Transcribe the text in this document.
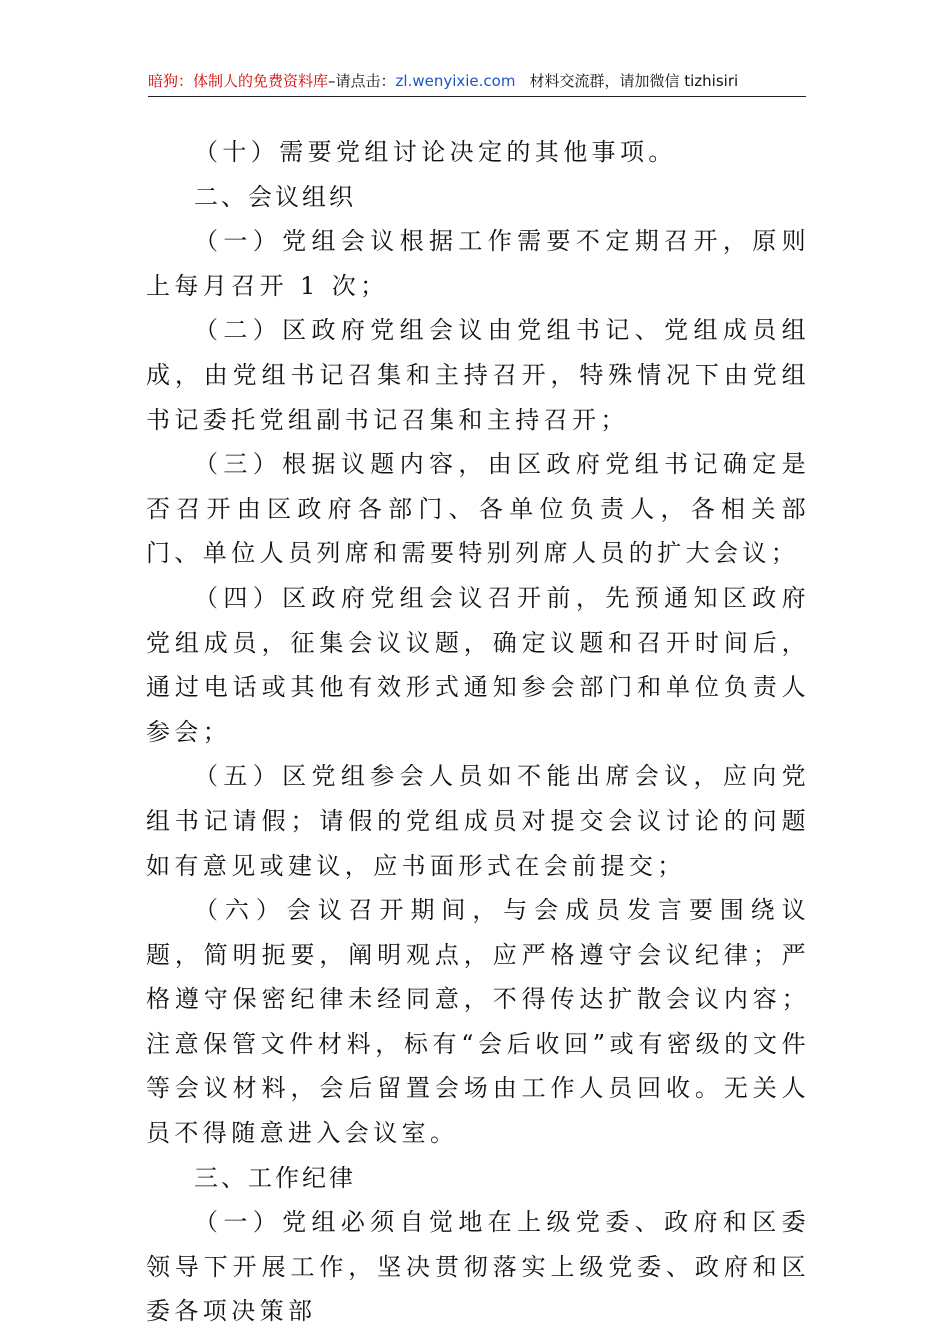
暗狗：体制人的免费资料库–请点击：zl.wenyixie.com 材料交流群，请加微信 tizhisiri

（十）需要党组讨论决定的其他事项。

二、会议组织

（一）党组会议根据工作需要不定期召开，原则上每月召开 1 次；

（二）区政府党组会议由党组书记、党组成员组成，由党组书记召集和主持召开，特殊情况下由党组书记委托党组副书记召集和主持召开；

（三）根据议题内容，由区政府党组书记确定是否召开由区政府各部门、各单位负责人，各相关部门、单位人员列席和需要特别列席人员的扩大会议；

（四）区政府党组会议召开前，先预通知区政府党组成员，征集会议议题，确定议题和召开时间后，通过电话或其他有效形式通知参会部门和单位负责人参会；

（五）区党组参会人员如不能出席会议，应向党组书记请假；请假的党组成员对提交会议讨论的问题如有意见或建议，应书面形式在会前提交；

（六）会议召开期间，与会成员发言要围绕议题，简明扼要，阐明观点，应严格遵守会议纪律；严格遵守保密纪律未经同意，不得传达扩散会议内容；注意保管文件材料，标有“会后收回”或有密级的文件等会议材料，会后留置会场由工作人员回收。无关人员不得随意进入会议室。

三、工作纪律

（一）党组必须自觉地在上级党委、政府和区委领导下开展工作，坚决贯彻落实上级党委、政府和区委各项决策部
